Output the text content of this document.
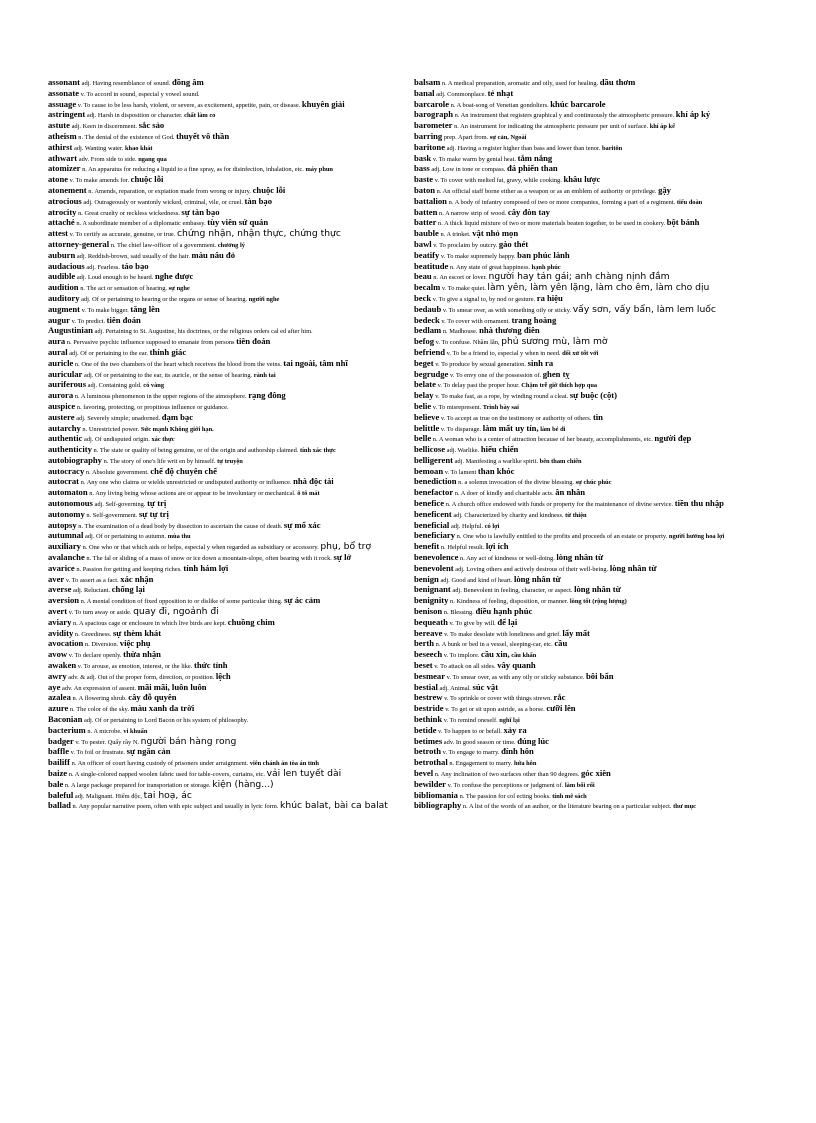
assonant adj. Having resemblance of sound. đồng âm
assonate v. To accord in sound, especial y vowel sound.
assuage v. To cause to be less harsh, violent, or severe, as excitement, appetite, pain, or disease. khuyên giải
astringent adj. Harsh in disposition or character. chất làm co
astute adj. Keen in discernment. sắc sảo
atheism n. The denial of the existence of God. thuyết vô thần
athirst adj. Wanting water. khao khát
athwart adv. From side to side. ngang qua
atomizer n. An apparatus for reducing a liquid to a fine spray, as for disinfection, inhalation, etc. máy phun
atone v. To make amends for. chuộc lỗi
atonement n. Amends, reparation, or expiation made from wrong or injury. chuộc lỗi
atrocious adj. Outrageously or wantonly wicked, criminal, vile, or cruel. tàn bạo
atrocity n. Great cruelty or reckless wickedness. sự tàn bạo
attaché n. A subordinate member of a diplomatic embassy. tùy viên sứ quán
attest v. To certify as accurate, genuine, or true. chứng nhận, nhận thực, chứng thực
attorney-general n. The chief law-officer of a government. chưởng lý
auburn adj. Reddish-brown, said usually of the hair. màu nâu đỏ
audacious adj. Fearless. táo bạo
audible adj. Loud enough to be heard. nghe được
audition n. The act or sensation of hearing. sự nghe
auditory adj. Of or pertaining to hearing or the organs or sense of hearing. người nghe
augment v. To make bigger. tăng lên
augur v. To predict. tiên đoán
Augustinian adj. Pertaining to St. Augustine, his doctrines, or the religious orders cal ed after him.
aura n. Pervasive psychic influence supposed to emanate from persons tiên đoán
aural adj. Of or pertaining to the ear. thính giác
auricle n. One of the two chambers of the heart which receives the blood from the veins. tai ngoài, tâm nhĩ
auricular adj. Of or pertaining to the ear, its auricle, or the sense of hearing. rành tai
auriferous adj. Containing gold. có vàng
aurora n. A luminous phenomenon in the upper regions of the atmosphere. rạng đông
auspice n. favoring, protecting, or propitious influence or guidance.
austere adj. Severely simple; unadorned. đạm bạc
autarchy n. Unrestricted power. Sức mạnh Không giới hạn.
authentic adj. Of undisputed origin. xác thực
authenticity n. The state or quality of being genuine, or of the origin and authorship claimed. tính xác thực
autobiography n. The story of one's life writ en by himself. tự truyện
autocracy n. Absolute government. chế độ chuyên chế
autocrat n. Any one who claims or wields unrestricted or undisputed authority or influence. nhà độc tài
automaton n. Any living being whose actions are or appear to be involuntary or mechanical. ô tô mát
autonomous adj. Self-governing. tự trị
autonomy n. Self-government. sự tự trị
autopsy n. The examination of a dead body by dissection to ascertain the cause of death. sự mổ xác
autumnal adj. Of or pertaining to autumn. mùa thu
auxiliary n. One who or that which aids or helps, especial y when regarded as subsidiary or accessory. phụ, bổ trợ
avalanche n. The fal or sliding of a mass of snow or ice down a mountain-slope, often bearing with it rock. sự lở
avarice n. Passion for getting and keeping riches. tính hám lợi
aver v. To assert as a fact. xác nhận
averse adj. Reluctant. chống lại
aversion n. A mental condition of fixed opposition to or dislike of some particular thing. sự ác cảm
avert v. To turn away or aside. quay đi, ngoảnh đi
aviary n. A spacious cage or enclosure in which live birds are kept. chuồng chim
avidity n. Greediness. sự thèm khát
avocation n. Diversion. việc phụ
avow v. To declare openly. thừa nhận
awaken v. To arouse, as emotion, interest, or the like. thức tỉnh
awry adv. & adj. Out of the proper form, direction, or position. lệch
aye adv. An expression of assent. mãi mãi, luôn luôn
azalea n. A flowering shrub. cây đỗ quyên
azure n. The color of the sky. màu xanh da trời
Baconian adj. Of or pertaining to Lord Bacon or his system of philosophy.
bacterium n. A microbe. vi khuẩn
badger v. To pester. Quấy rầy N. người bán hàng rong
baffle v. To foil or frustrate. sự ngăn cản
bailiff n. An officer of court having custody of prisoners under arraignment. viên chánh án tòa án tỉnh
baize n. A single-colored napped woolen fabric used for table-covers, curtains, etc. vải len tuyết dài
bale n. A large package prepared for transportation or storage. kiện (hàng...)
baleful adj. Malignant. Hiểm độc, tai hoạ, ác
ballad n. Any popular narrative poem, often with epic subject and usually in lyric form. khúc balat, bài ca balat
balsam n. A medical preparation, aromatic and oily, used for healing. dầu thơm
banal adj. Commonplace. tẻ nhạt
barcarole n. A boat-song of Venetian gondoliers. khúc barcarole
barograph n. An instrument that registers graphical y and continuously the atmospheric pressure. khí áp ký
barometer n. An instrument for indicating the atmospheric pressure per unit of surface. khí áp kế
barring prep. Apart from. sự cản, Ngoài
baritone adj. Having a register higher than bass and lower than tenor. baritôn
bask v. To make warm by genial heat. tắm nắng
bass adj. Low in tone or compass. đá phiến than
baste v. To cover with melted fat, gravy, while cooking. khâu lược
baton n. An official staff borne either as a weapon or as an emblem of authority or privilege. gậy
battalion n. A body of infantry composed of two or more companies, forming a part of a regiment. tiểu đoàn
batten n. A narrow strip of wood. cây đòn tay
batter n. A thick liquid mixture of two or more materials beaten together, to be used in cookery. bột bánh
bauble n. A trinket. vật nhỏ mọn
bawl v. To proclaim by outcry. gào thét
beatify v. To make supremely happy. ban phúc lành
beatitude n. Any state of great happiness. hạnh phúc
beau n. An escort or lover. người hay tán gái; anh chàng nịnh đầm
becalm v. To make quiet. làm yên, làm yên lặng, làm cho êm, làm cho dịu
beck v. To give a signal to, by nod or gesture. ra hiệu
bedaub v. To smear over, as with something oily or sticky. vấy sơn, vấy bẩn, làm lem luốc
bedeck v. To cover with ornament. trang hoàng
bedlam n. Madhouse. nhà thương điên
befog v. To confuse. Nhầm lẫn, phủ sương mù, làm mờ
befriend v. To be a friend to, especial y when in need. đối xử tốt với
beget v. To produce by sexual generation. sinh ra
begrudge v. To envy one of the possession of. ghen tỵ
belate v. To delay past the proper hour. Chậm trễ giờ thích hợp qua
belay v. To make fast, as a rope, by winding round a cleat. sự buộc (cột)
belie v. To misrepresent. Trình bày sai
believe v. To accept as true on the testimony or authority of others. tin
belittle v. To disparage. làm mất uy tín, làm bé đi
belle n. A woman who is a center of attraction because of her beauty, accomplishments, etc. người đẹp
bellicose adj. Warlike. hiếu chiến
belligerent adj. Manifesting a warlike spirit. bên tham chiến
bemoan v. To lament than khóc
benediction n. a solemn invocation of the divine blessing. sự chúc phúc
benefactor n. A doer of kindly and charitable acts. ân nhân
benefice n. A church office endowed with funds or property for the maintenance of divine service. tiền thu nhập
beneficent adj. Characterized by charity and kindness. từ thiện
beneficial adj. Helpful. có lợi
beneficiary n. One who is lawfully entitled to the profits and proceeds of an estate or property. người hưởng hoa lợi
benefit n. Helpful result. lợi ích
benevolence n. Any act of kindness or well-doing. lòng nhân từ
benevolent adj. Loving others and actively desirous of their well-being. lòng nhân từ
benign adj. Good and kind of heart. lòng nhân từ
benignant adj. Benevolent in feeling, character, or aspect. lòng nhân từ
benignity n. Kindness of feeling, disposition, or manner. lòng tốt (rộng lượng)
benison n. Blessing. điều hạnh phúc
bequeath v. To give by will. để lại
bereave v. To make desolate with loneliness and grief. lấy mất
berth n. A bunk or bed in a vessel, sleeping-car, etc. cầu
beseech v. To implore. cầu xin, cầu khẩn
beset v. To attack on all sides. vây quanh
besmear v. To smear over, as with any oily or sticky substance. bôi bẩn
bestial adj. Animal. súc vật
bestrew v. To sprinkle or cover with things strewn. rắc
bestride v. To get or sit upon astride, as a horse. cưỡi lên
bethink v. To remind oneself. nghĩ lại
betide v. To happen to or befall. xảy ra
betimes adv. In good season or time. đúng lúc
betroth v. To engage to marry. đính hôn
betrothal n. Engagement to marry. hứa hôn
bevel n. Any inclination of two surfaces other than 90 degrees. góc xiên
bewilder v. To confuse the perceptions or judgment of. làm bối rối
bibliomania n. The passion for col ecting books. tính mê sách
bibliography n. A list of the words of an author, or the literature bearing on a particular subject. thư mục
